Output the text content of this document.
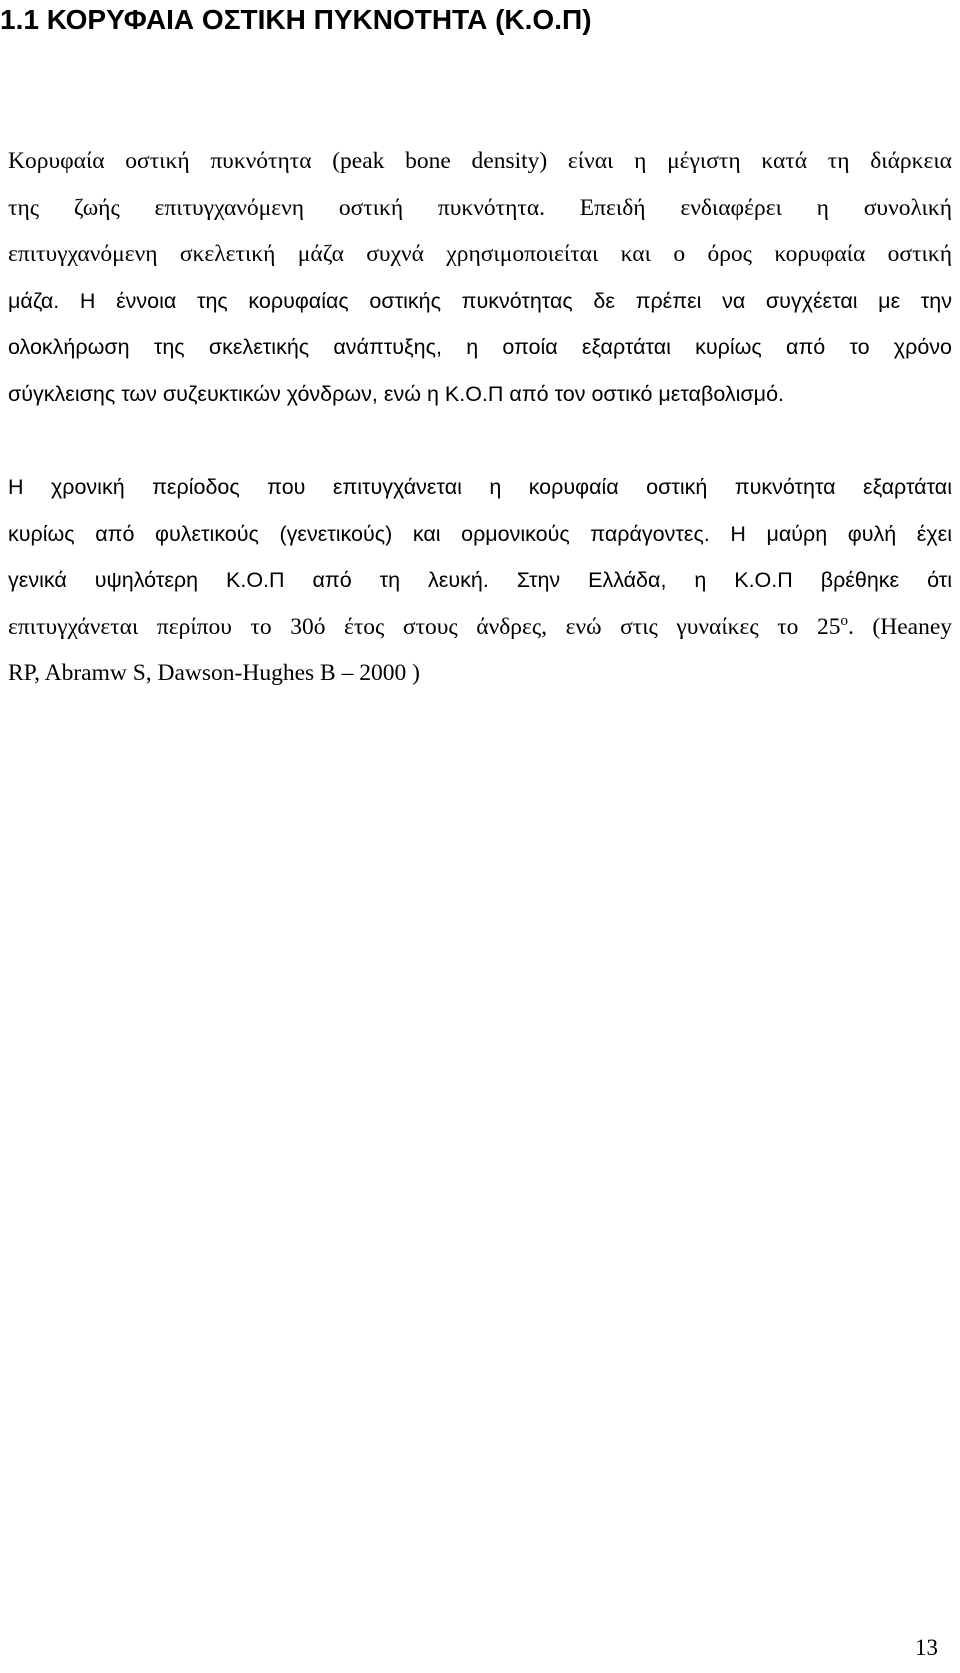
1.1 ΚΟΡΥΦΑΙΑ ΟΣΤΙΚΗ ΠΥΚΝΟΤΗΤΑ (Κ.Ο.Π)

Κορυφαία οστική πυκνότητα (peak bone density) είναι η μέγιστη κατά τη διάρκεια
της ζωής επιτυγχανόμενη οστική πυκνότητα. Επειδή ενδιαφέρει η συνολική
επιτυγχανόμενη σκελετική μάζα συχνά χρησιμοποιείται και ο όρος κορυφαία οστική

μάζα. Η έννοια της κορυφαίας οστικής πυκνότητας δε πρέπει να συγχέεται με την
ολοκλήρωση της σκελετικής ανάπτυξης, η οποία εξαρτάται κυρίως από το χρόνο
σύγκλεισης των συζευκτικών χόνδρων, ενώ η Κ.Ο.Π από τον οστικό μεταβολισμό.

Η χρονική περίοδος που επιτυγχάνεται η κορυφαία οστική πυκνότητα εξαρτάται
κυρίως από φυλετικούς (γενετικούς) και ορμονικούς παράγοντες. Η μαύρη φυλή έχει
γενικά υψηλότερη Κ.Ο.Π από τη λευκή. Στην Ελλάδα, η Κ.Ο.Π βρέθηκε ότι
επιτυγχάνεται περίπου το 30ό έτος στους άνδρες, ενώ στις γυναίκες το $25^o$. (Heaney
RP, Abramw S, Dawson-Hughes B – 2000 )

13
